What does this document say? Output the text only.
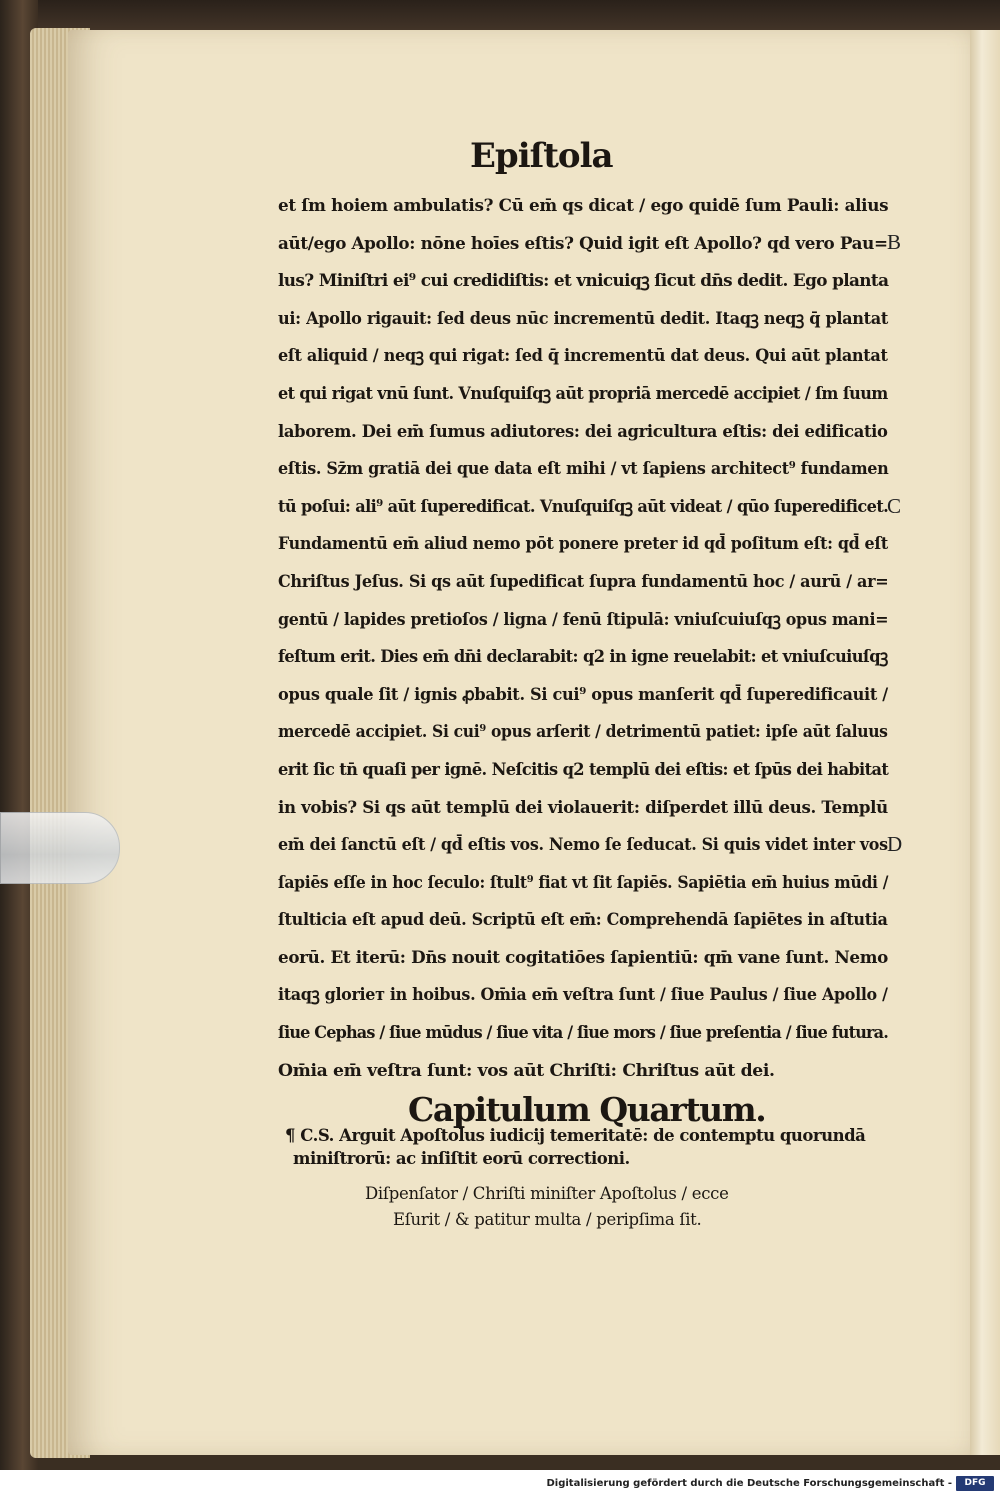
Epiſtola
B
C
D
et ſm hoiem ambulatis? Cū em̄ qs dicat / ego quidē ſum Pauli: alius
aūt/ego Apollo: nōne hoīes eſtis? Quid igit eſt Apollo? qd vero Pau=
lus? Miniſtri ei⁹ cui credidiſtis: et vnicuiqꝫ ſicut dn̄s dedit. Ego planta
ui: Apollo rigauit: ſed deus nūc incrementū dedit. Itaqꝫ neqꝫ q̄ plantat
eſt aliquid / neqꝫ qui rigat: ſed q̄ incrementū dat deus. Qui aūt plantat
et qui rigat vnū ſunt. Vnuſquiſqꝫ aūt propriā mercedē accipiet / ſm ſuum
laborem. Dei em̄ ſumus adiutores: dei agricultura eſtis: dei edificatio
eſtis. Sz̄m gratiā dei que data eſt mihi / vt ſapiens architect⁹ fundamen
tū poſui: ali⁹ aūt ſuperedificat. Vnuſquiſqꝫ aūt videat / qūo ſuperedificet.
Fundamentū em̄ aliud nemo pōt ponere preter id qd̄ poſitum eſt: qd̄ eſt
Chriſtus Jeſus. Si qs aūt ſupedificat ſupra fundamentū hoc / aurū / ar=
gentū / lapides pretioſos / ligna / fenū ſtipulā: vniuſcuiuſqꝫ opus mani=
feſtum erit. Dies em̄ dn̄i declarabit: q2 in igne reuelabit: et vniuſcuiuſqꝫ
opus quale ſit / ignis ꝓbabit. Si cui⁹ opus manſerit qd̄ ſuperedificauit /
mercedē accipiet. Si cui⁹ opus arſerit / detrimentū patiet: ipſe aūt ſaluus
erit ſic tn̄ quaſi per ignē. Neſcitis q2 templū dei eſtis: et ſpūs dei habitat
in vobis? Si qs aūt templū dei violauerit: diſperdet illū deus. Templū
em̄ dei ſanctū eſt / qd̄ eſtis vos. Nemo ſe ſeducat. Si quis videt inter vos
ſapiēs eſſe in hoc ſeculo: ſtult⁹ fiat vt ſit ſapiēs. Sapiētia em̄ huius mūdi /
ſtulticia eſt apud deū. Scriptū eſt em̄: Comprehendā ſapiētes in aſtutia
eorū. Et iterū: Dn̄s nouit cogitatiōes ſapientiū: qm̄ vane ſunt. Nemo
itaqꝫ glorieт in hoibus. Om̄ia em̄ veſtra ſunt / ſiue Paulus / ſiue Apollo /
ſiue Cephas / ſiue mūdus / ſiue vita / ſiue mors / ſiue preſentia / ſiue futura.
Om̄ia em̄ veſtra ſunt: vos aūt Chriſti: Chriſtus aūt dei.
Capitulum Quartum.
¶ C.S. Arguit Apoſtolus iudicij temeritatē: de contemptu quorundā
miniſtrorū: ac inſiſtit eorū correctioni.
Diſpenſator / Chriſti miniſter Apoſtolus / ecce
Eſurit / & patitur multa / peripſima ſit.
Digitalisierung gefördert durch die Deutsche Forschungsgemeinschaft -	DFG
